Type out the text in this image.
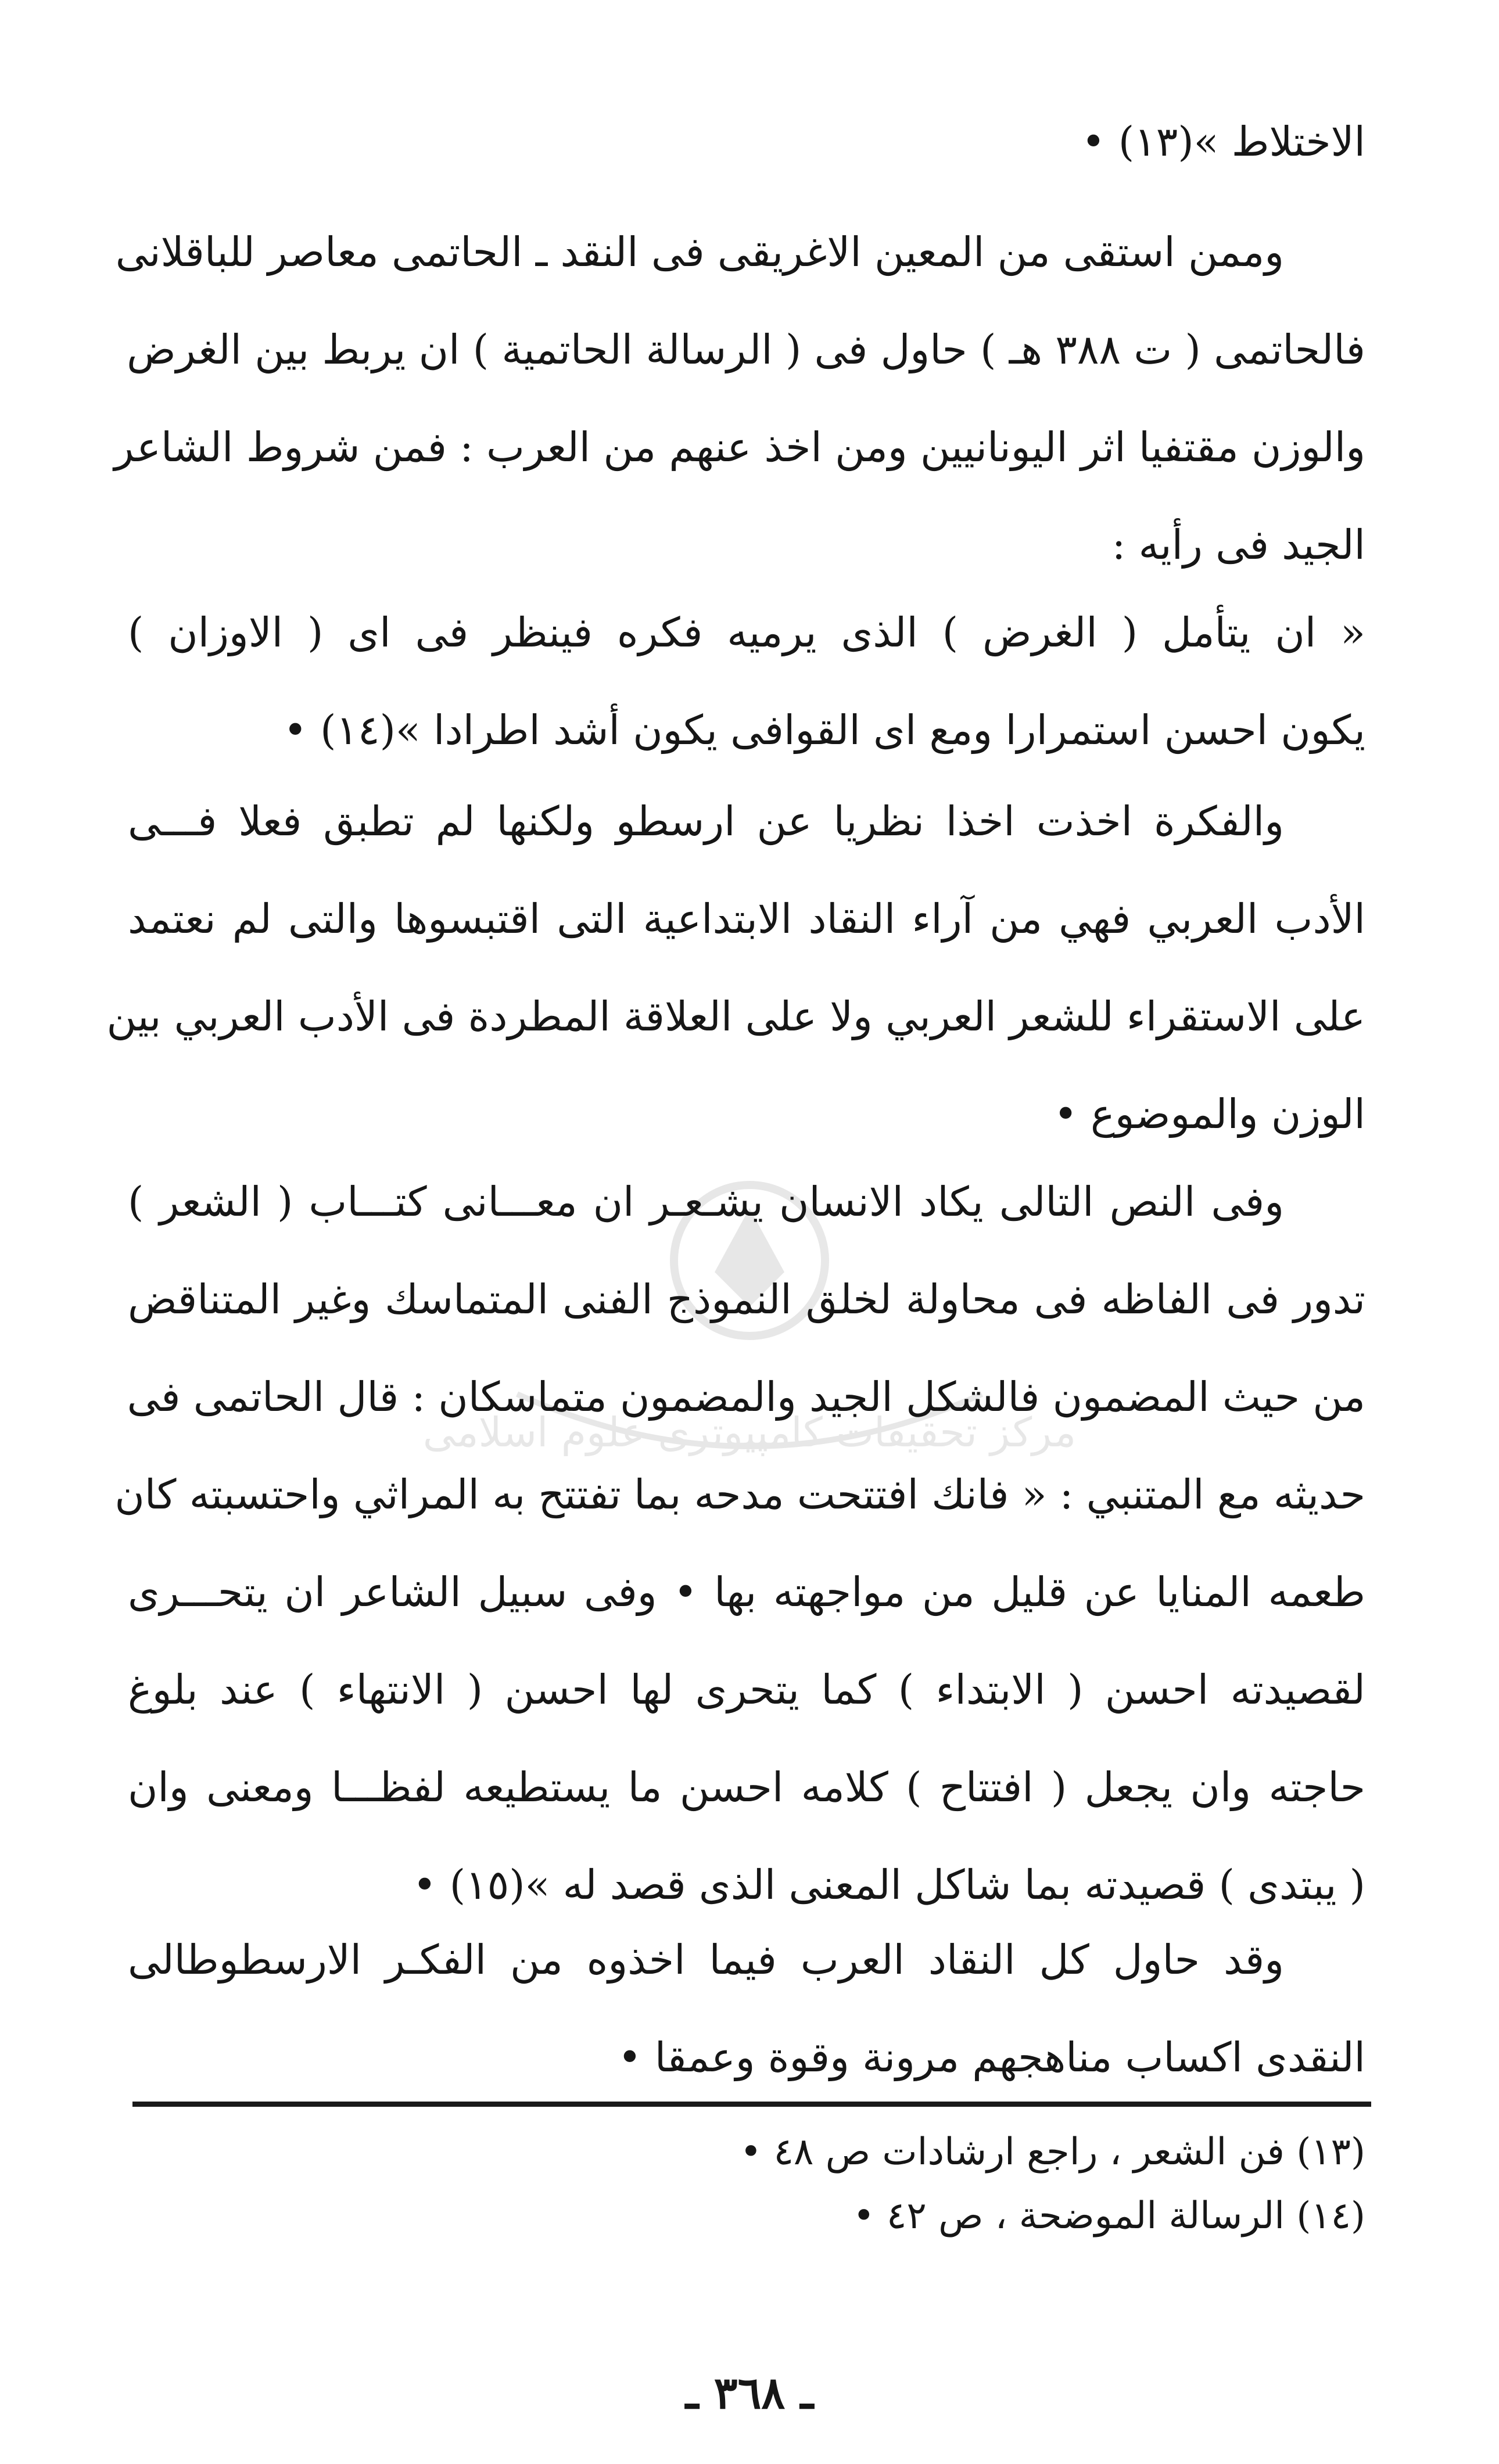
مركز تحقیقات كامپیوتری علوم اسلامی
الاختلاط »(١٣) •
وممن استقى من المعين الاغريقى فى النقد ـ الحاتمى معاصر للباقلانى
فالحاتمى ( ت ٣٨٨ هـ ) حاول فى ( الرسالة الحاتمية ) ان يربط بين الغرض
والوزن مقتفيا اثر اليونانيين ومن اخذ عنهم من العرب : فمن شروط الشاعر
الجيد فى رأيه :
« ان يتأمل ( الغرض ) الذى يرميه فكره فينظر فى اى ( الاوزان )
يكون احسن استمرارا ومع اى القوافى يكون أشد اطرادا »(١٤) •
والفكرة اخذت اخذا نظريا عن ارسطو ولكنها لم تطبق فعلا فـــى
الأدب العربي فهي من آراء النقاد الابتداعية التى اقتبسوها والتى لم نعتمد
على الاستقراء للشعر العربي ولا على العلاقة المطردة فى الأدب العربي بين
الوزن والموضوع •
وفى النص التالى يكاد الانسان يشـعـر ان معـــانى كتـــاب ( الشعر )
تدور فى الفاظه فى محاولة لخلق النموذج الفنى المتماسك وغير المتناقض
من حيث المضمون فالشكل الجيد والمضمون متماسكان : قال الحاتمى فى
حديثه مع المتنبي : « فانك افتتحت مدحه بما تفتتح به المراثي واحتسبته كان
طعمه المنايا عن قليل من مواجهته بها • وفى سبيل الشاعر ان يتحـــرى
لقصيدته احسن ( الابتداء ) كما يتحرى لها احسن ( الانتهاء ) عند بلوغ
حاجته وان يجعل ( افتتاح ) كلامه احسن ما يستطيعه لفظـــا ومعنى وان
( يبتدى ) قصيدته بما شاكل المعنى الذى قصد له »(١٥) •
وقد حاول كل النقاد العرب فيما اخذوه من الفكـر الارسطوطالى
النقدى اكساب مناهجهم مرونة وقوة وعمقا •
(١٣) فن الشعر ، راجع ارشادات ص ٤٨ •
(١٤) الرسالة الموضحة ، ص ٤٢ •
ـ ٣٦٨ ـ
